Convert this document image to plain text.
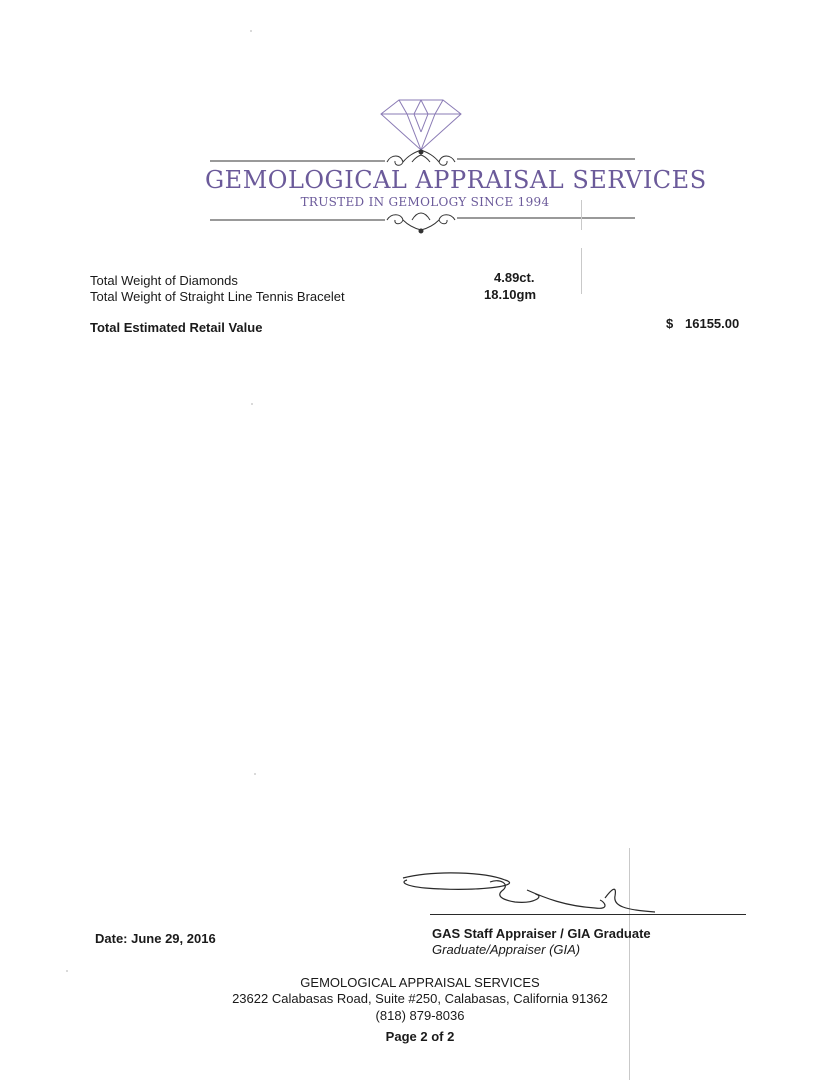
GEMOLOGICAL APPRAISAL SERVICES
TRUSTED IN GEMOLOGY SINCE 1994
Total Weight of Diamonds	4.89ct.
Total Weight of Straight Line Tennis Bracelet	18.10gm
Total Estimated Retail Value	$ 16155.00
Date: June 29, 2016	GAS Staff Appraiser / GIA Graduate
Graduate/Appraiser (GIA)
GEMOLOGICAL APPRAISAL SERVICES
23622 Calabasas Road, Suite #250, Calabasas, California 91362
(818) 879-8036
Page 2 of 2
